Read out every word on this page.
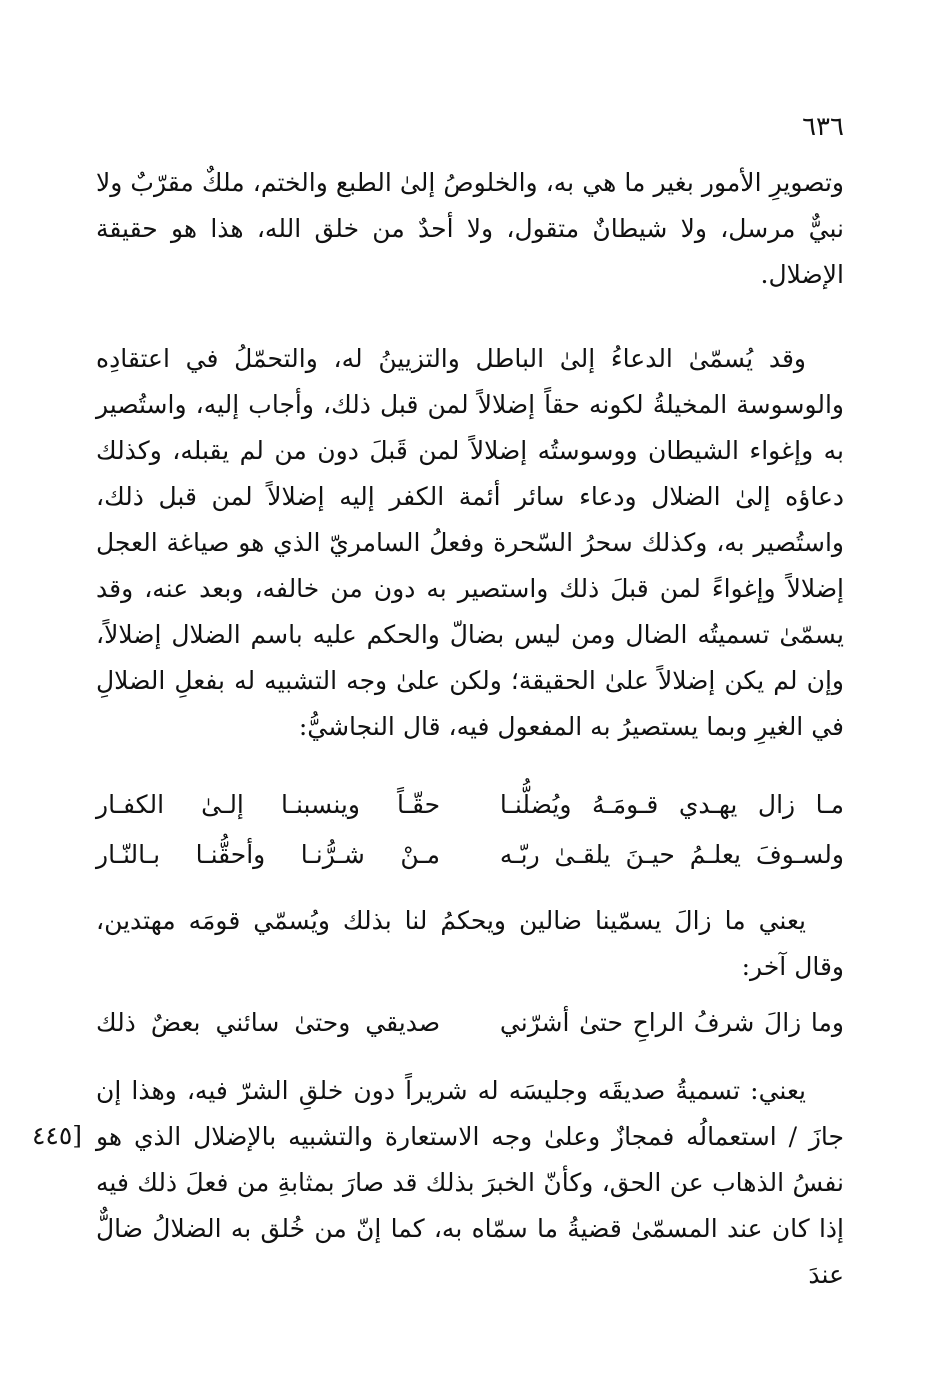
٦٣٦

وتصويرِ الأمور بغير ما هي به، والخلوصُ إلىٰ الطبع والختم، ملكٌ مقرّبٌ ولا نبيٌّ مرسل، ولا شيطانٌ متقول، ولا أحدٌ من خلق الله، هذا هو حقيقة الإضلال.

وقد يُسمّىٰ الدعاءُ إلىٰ الباطل والتزيينُ له، والتحمّلُ في اعتقادِه والوسوسة المخيلةُ لكونه حقاً إضلالاً لمن قبل ذلك، وأجاب إليه، واستُصير به وإغواء الشيطان ووسوستُه إضلالاً لمن قَبلَ دون من لم يقبله، وكذلك دعاؤه إلىٰ الضلال ودعاء سائر أئمة الكفر إليه إضلالاً لمن قبل ذلك، واستُصير به، وكذلك سحرُ السّحرة وفعلُ السامريّ الذي هو صياغة العجل إضلالاً وإغواءً لمن قبلَ ذلك واستصير به دون من خالفه، وبعد عنه، وقد يسمّىٰ تسميتُه الضال ومن ليس بضالّ والحكم عليه باسم الضلال إضلالاً، وإن لم يكن إضلالاً علىٰ الحقيقة؛ ولكن علىٰ وجه التشبيه له بفعلِ الضلالِ في الغيرِ وبما يستصيرُ به المفعول فيه، قال النجاشيُّ:

مـا زال يهـدي قـومَـهُ ويُضلُّنـا
حقّـاً وينسبنـا إلـىٰ الكفـار
ولسـوفَ يعلـمُ حيـنَ يلقـىٰ ربّـه
مـنْ شـرُّنـا وأحقُّنـا بـالنّـار

يعني ما زالَ يسمّينا ضالين ويحكمُ لنا بذلك ويُسمّي قومَه مهتدين، وقال آخر:

وما زالَ شرفُ الراحِ حتىٰ أشرّني
صديقي وحتىٰ سائني بعضٌ ذلك

يعني: تسميةُ صديقَه وجليسَه له شريراً دون خلقِ الشرّ فيه، وهذا إن جازَ / استعمالُه فمجازٌ وعلىٰ وجه الاستعارة والتشبيه بالإضلال الذي هو نفسُ الذهاب عن الحق، وكأنّ الخبرَ بذلك قد صارَ بمثابةِ من فعلَ ذلك فيه إذا كان عند المسمّىٰ قضيةُ ما سمّاه به، كما إنّ من خُلق به الضلالُ ضالٌّ عندَ

[٤٤٥
